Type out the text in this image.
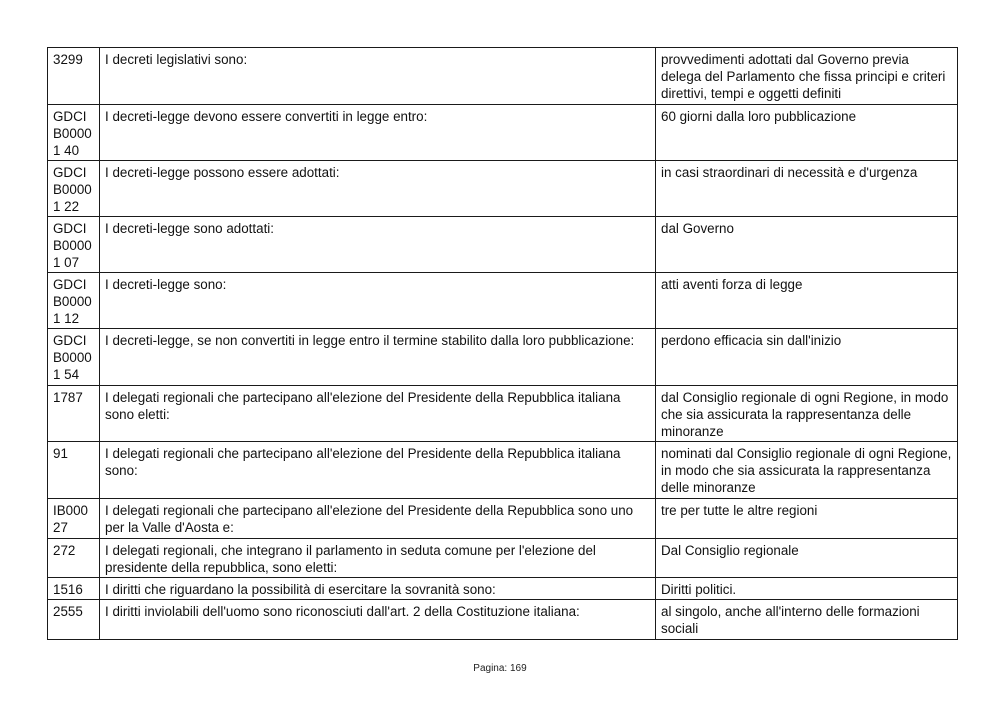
3299	I decreti legislativi sono:	provvedimenti adottati dal Governo previa delega del Parlamento che fissa principi e criteri direttivi, tempi e oggetti definiti
GDCIB00001 40	I decreti-legge devono essere convertiti in legge entro:	60 giorni dalla loro pubblicazione
GDCIB00001 22	I decreti-legge possono essere adottati:	in casi straordinari di necessità e d'urgenza
GDCIB00001 07	I decreti-legge sono adottati:	dal Governo
GDCIB00001 12	I decreti-legge sono:	atti aventi forza di legge
GDCIB00001 54	I decreti-legge, se non convertiti in legge entro il termine stabilito dalla loro pubblicazione:	perdono efficacia sin dall'inizio
1787	I delegati regionali che partecipano all'elezione del Presidente della Repubblica italiana sono eletti:	dal Consiglio regionale di ogni Regione, in modo che sia assicurata la rappresentanza delle minoranze
91	I delegati regionali che partecipano all'elezione del Presidente della Repubblica italiana sono:	nominati dal Consiglio regionale di ogni Regione, in modo che sia assicurata la rappresentanza delle minoranze
IB000 27	I delegati regionali che partecipano all'elezione del Presidente della Repubblica sono uno per la Valle d'Aosta e:	tre per tutte le altre regioni
272	I delegati regionali, che integrano il parlamento in seduta comune per l'elezione del presidente della repubblica, sono eletti:	Dal Consiglio regionale
1516	I diritti che riguardano la possibilità di esercitare la sovranità sono:	Diritti politici.
2555	I diritti inviolabili dell'uomo sono riconosciuti dall'art. 2 della Costituzione italiana:	al singolo, anche all'interno delle formazioni sociali
Pagina: 169
